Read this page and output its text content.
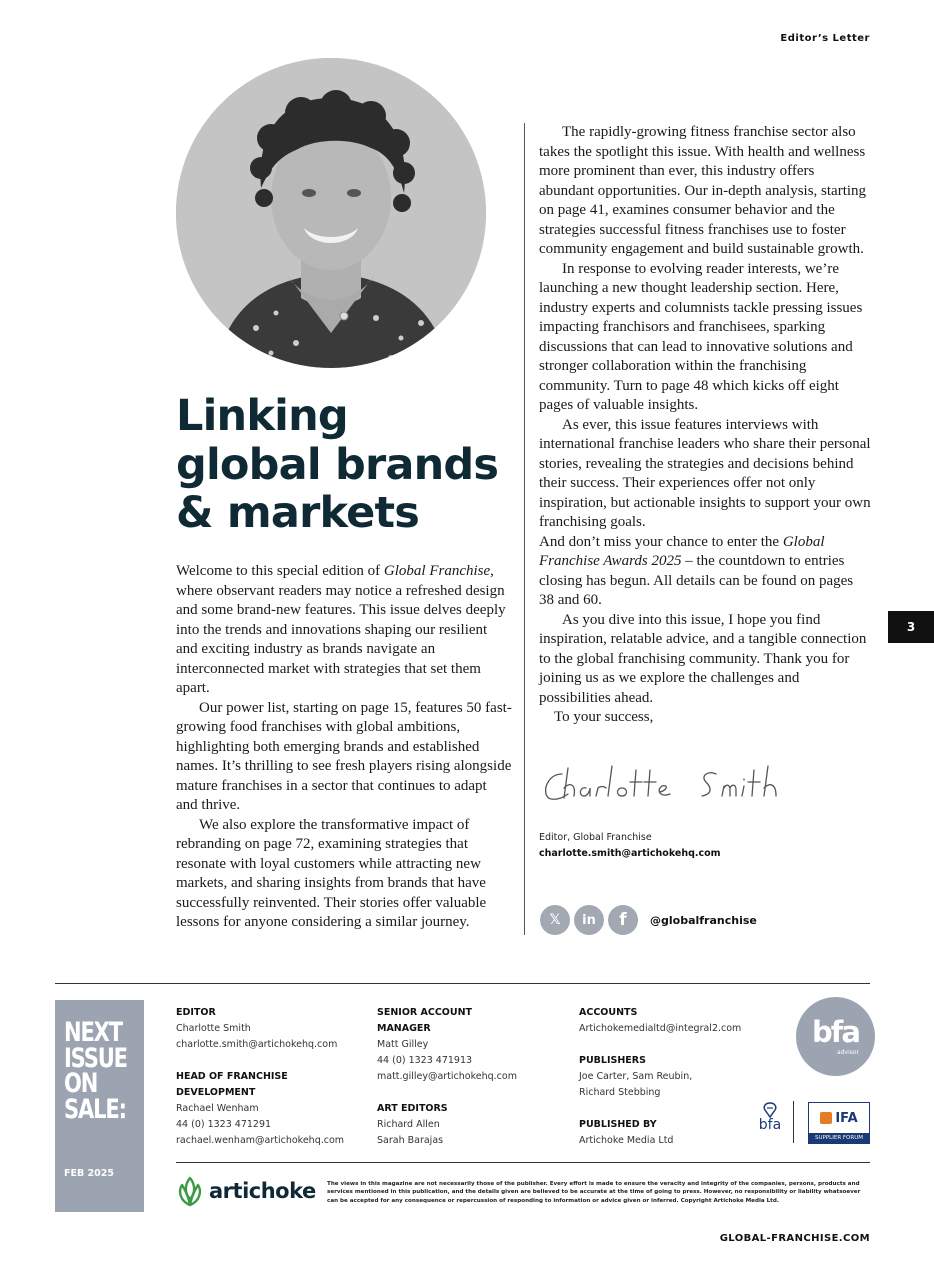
Editor’s Letter
Linking
global brands
& markets

Welcome to this special edition of Global Franchise, where observant readers may notice a refreshed design and some brand-new features. This issue delves deeply into the trends and innovations shaping our resilient and exciting industry as brands navigate an interconnected market with strategies that set them apart.

Our power list, starting on page 15, features 50 fast-growing food franchises with global ambitions, highlighting both emerging brands and established names. It’s thrilling to see fresh players rising alongside mature franchises in a sector that continues to adapt and thrive.

We also explore the transformative impact of rebranding on page 72, examining strategies that resonate with loyal customers while attracting new markets, and sharing insights from brands that have successfully reinvented. Their stories offer valuable lessons for anyone considering a similar journey.

The rapidly-growing fitness franchise sector also takes the spotlight this issue. With health and wellness more prominent than ever, this industry offers abundant opportunities. Our in-depth analysis, starting on page 41, examines consumer behavior and the strategies successful fitness franchises use to foster community engagement and build sustainable growth.

In response to evolving reader interests, we’re launching a new thought leadership section. Here, industry experts and columnists tackle pressing issues impacting franchisors and franchisees, sparking discussions that can lead to innovative solutions and stronger collaboration within the franchising community. Turn to page 48 which kicks off eight pages of valuable insights.

As ever, this issue features interviews with international franchise leaders who share their personal stories, revealing the strategies and decisions behind their success. Their experiences offer not only inspiration, but actionable insights to support your own franchising goals.

And don’t miss your chance to enter the Global Franchise Awards 2025 – the countdown to entries closing has begun. All details can be found on pages 38 and 60.

As you dive into this issue, I hope you find inspiration, relatable advice, and a tangible connection to the global franchising community. Thank you for joining us as we explore the challenges and possibilities ahead.

To your success,

Editor, Global Franchise
charlotte.smith@artichokehq.com
𝕏	in	f	@globalfranchise
NEXT
ISSUE
ON
SALE:
FEB 2025
EDITOR
Charlotte Smith
charlotte.smith@artichokehq.com
HEAD OF FRANCHISE
DEVELOPMENT
Rachael Wenham
44 (0) 1323 471291
rachael.wenham@artichokehq.com
SENIOR ACCOUNT
MANAGER
Matt Gilley
44 (0) 1323 471913
matt.gilley@artichokehq.com
ART EDITORS
Richard Allen
Sarah Barajas
ACCOUNTS
Artichokemedialtd@integral2.com
PUBLISHERS
Joe Carter, Sam Reubin,
Richard Stebbing
PUBLISHED BY
Artichoke Media Ltd
bfa
advisor
bfa	IFA
SUPPLIER FORUM
artichoke The views in this magazine are not necessarily those of the publisher. Every effort is made to ensure the veracity and integrity of the companies, persons, products and services mentioned in this publication, and the details given are believed to be accurate at the time of going to press. However, no responsibility or liability whatsoever can be accepted for any consequence or repercussion of responding to information or advice given or inferred. Copyright Artichoke Media Ltd.
GLOBAL-FRANCHISE.COM
3
